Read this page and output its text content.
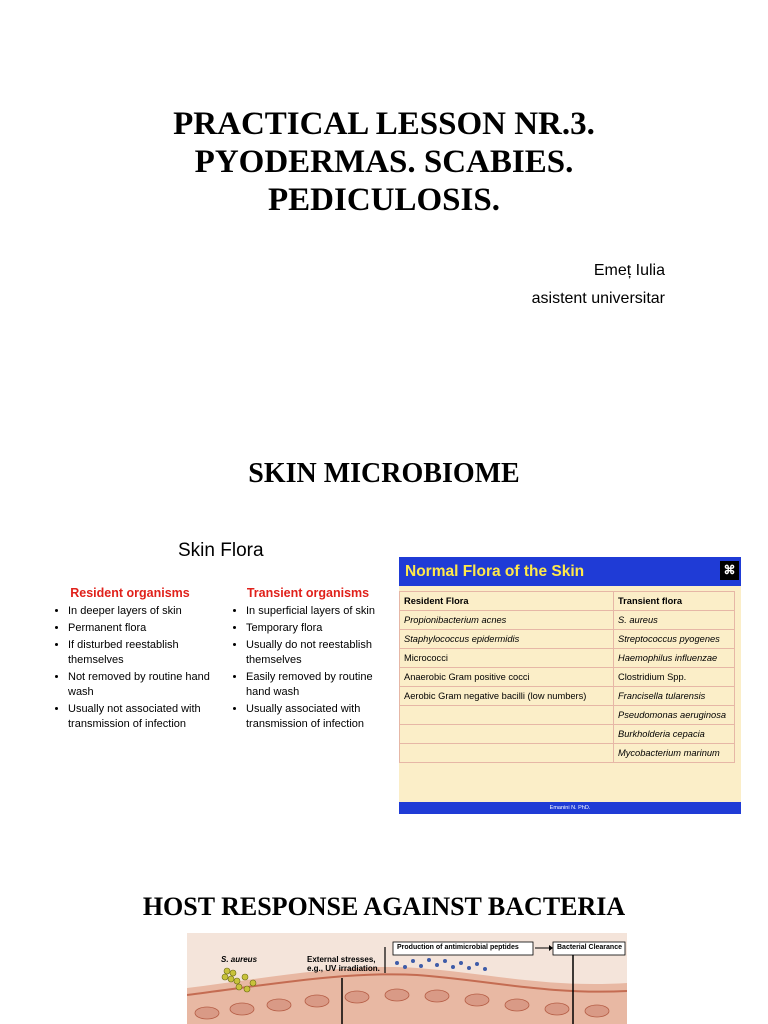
PRACTICAL LESSON NR.3.
PYODERMAS. SCABIES.
PEDICULOSIS.
Emeț Iulia
asistent universitar
SKIN MICROBIOME
Skin Flora
Resident organisms
• In deeper layers of skin
• Permanent flora
• If disturbed reestablish themselves
• Not removed by routine hand wash
• Usually not associated with transmission of infection
Transient organisms
• In superficial layers of skin
• Temporary flora
• Usually do not reestablish themselves
• Easily removed by routine hand wash
• Usually associated with transmission of infection
Normal Flora of the Skin	⌘
Resident Flora	Transient flora
Propionibacterium acnes	S. aureus
Staphylococcus epidermidis	Streptococcus pyogenes
Micrococci	Haemophilus influenzae
Anaerobic Gram positive cocci	Clostridium Spp.
Aerobic Gram negative bacilli (low numbers)	Francisella tularensis
	Pseudomonas aeruginosa
	Burkholderia cepacia
	Mycobacterium marinum
Emanini N. PhD.
HOST RESPONSE AGAINST BACTERIA
S. aureus	External stresses, e.g., UV irradiation.
Production of antimicrobial peptides	Bacterial Clearance
